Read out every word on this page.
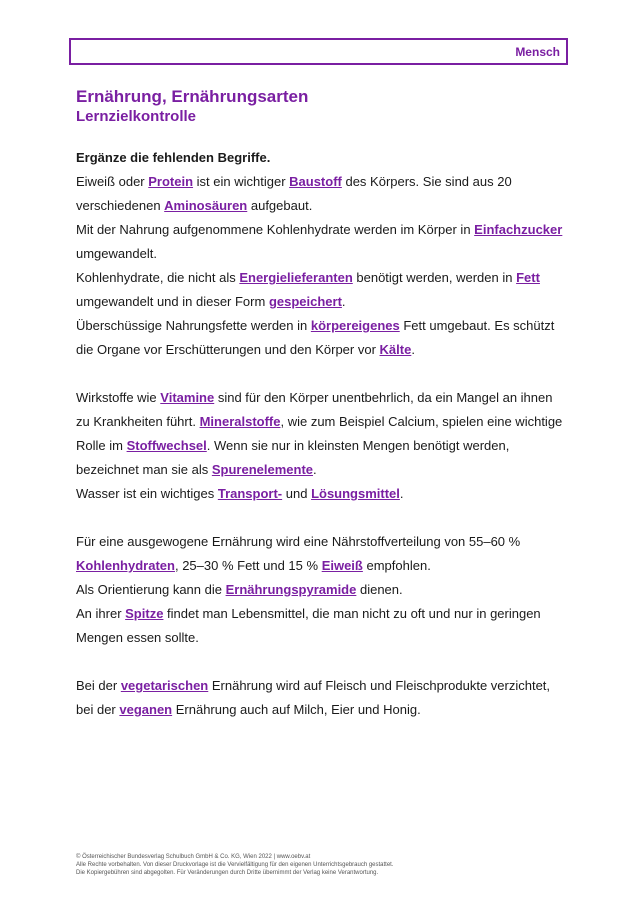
Mensch
Ernährung, Ernährungsarten
Lernzielkontrolle

Ergänze die fehlenden Begriffe.

Eiweiß oder Protein ist ein wichtiger Baustoff des Körpers. Sie sind aus 20
verschiedenen Aminosäuren aufgebaut.
Mit der Nahrung aufgenommene Kohlenhydrate werden im Körper in Einfachzucker
umgewandelt.
Kohlenhydrate, die nicht als Energielieferanten benötigt werden, werden in Fett
umgewandelt und in dieser Form gespeichert.
Überschüssige Nahrungsfette werden in körpereigenes Fett umgebaut. Es schützt
die Organe vor Erschütterungen und den Körper vor Kälte.

Wirkstoffe wie Vitamine sind für den Körper unentbehrlich, da ein Mangel an ihnen
zu Krankheiten führt. Mineralstoffe, wie zum Beispiel Calcium, spielen eine wichtige
Rolle im Stoffwechsel. Wenn sie nur in kleinsten Mengen benötigt werden,
bezeichnet man sie als Spurenelemente.
Wasser ist ein wichtiges Transport- und Lösungsmittel.

Für eine ausgewogene Ernährung wird eine Nährstoffverteilung von 55–60 %
Kohlenhydraten, 25–30 % Fett und 15 % Eiweiß empfohlen.
Als Orientierung kann die Ernährungspyramide dienen.
An ihrer Spitze findet man Lebensmittel, die man nicht zu oft und nur in geringen
Mengen essen sollte.

Bei der vegetarischen Ernährung wird auf Fleisch und Fleischprodukte verzichtet,
bei der veganen Ernährung auch auf Milch, Eier und Honig.

© Österreichischer Bundesverlag Schulbuch GmbH & Co. KG, Wien 2022 | www.oebv.at
Alle Rechte vorbehalten. Von dieser Druckvorlage ist die Vervielfältigung für den eigenen Unterrichtsgebrauch gestattet.
Die Kopiergebühren sind abgegolten. Für Veränderungen durch Dritte übernimmt der Verlag keine Verantwortung.
